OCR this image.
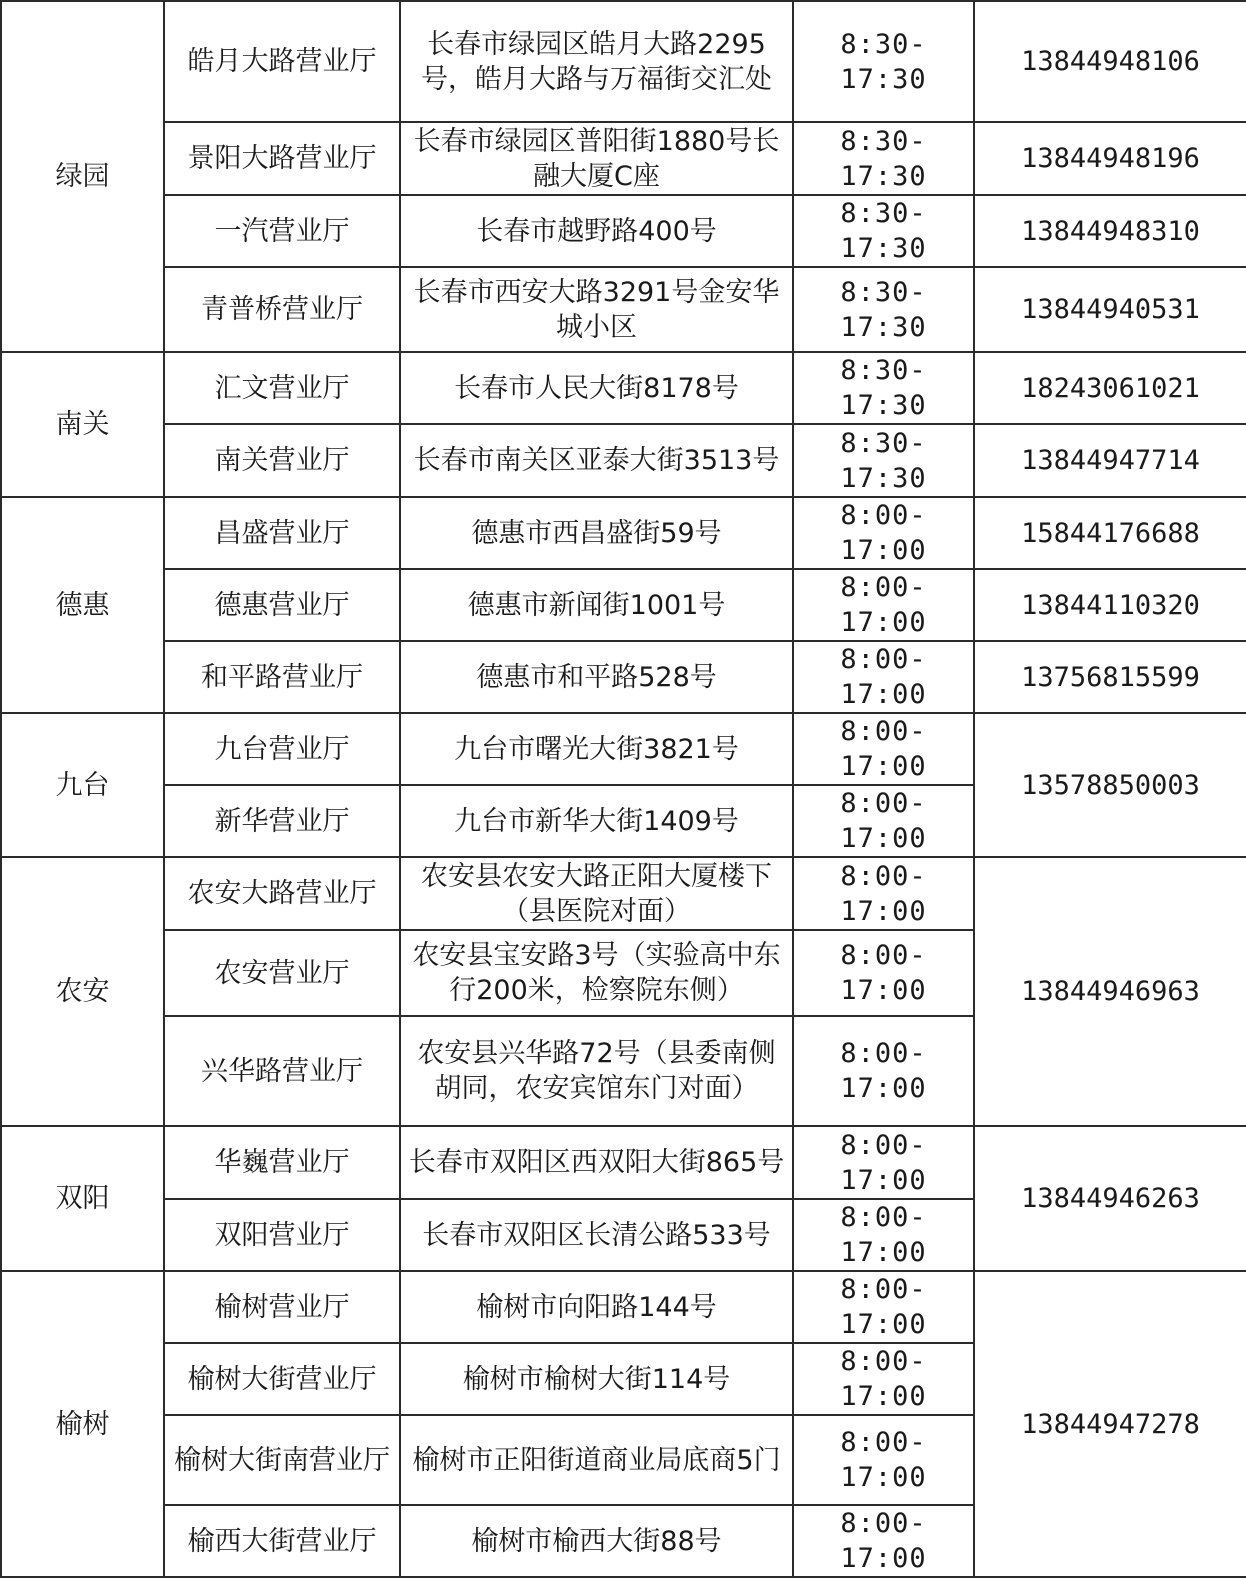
绿园	皓月大路营业厅	长春市绿园区皓月大路2295号，皓月大路与万福街交汇处	8:30-17:30	13844948106
	景阳大路营业厅	长春市绿园区普阳街1880号长融大厦C座	8:30-17:30	13844948196
	一汽营业厅	长春市越野路400号	8:30-17:30	13844948310
	青普桥营业厅	长春市西安大路3291号金安华城小区	8:30-17:30	13844940531
南关	汇文营业厅	长春市人民大街8178号	8:30-17:30	18243061021
	南关营业厅	长春市南关区亚泰大街3513号	8:30-17:30	13844947714
德惠	昌盛营业厅	德惠市西昌盛街59号	8:00-17:00	15844176688
	德惠营业厅	德惠市新闻街1001号	8:00-17:00	13844110320
	和平路营业厅	德惠市和平路528号	8:00-17:00	13756815599
九台	九台营业厅	九台市曙光大街3821号	8:00-17:00	13578850003
	新华营业厅	九台市新华大街1409号	8:00-17:00	
农安	农安大路营业厅	农安县农安大路正阳大厦楼下（县医院对面）	8:00-17:00	13844946963
	农安营业厅	农安县宝安路3号（实验高中东行200米，检察院东侧）	8:00-17:00	
	兴华路营业厅	农安县兴华路72号（县委南侧胡同，农安宾馆东门对面）	8:00-17:00	
双阳	华巍营业厅	长春市双阳区西双阳大街865号	8:00-17:00	13844946263
	双阳营业厅	长春市双阳区长清公路533号	8:00-17:00	
榆树	榆树营业厅	榆树市向阳路144号	8:00-17:00	13844947278
	榆树大街营业厅	榆树市榆树大街114号	8:00-17:00	
	榆树大街南营业厅	榆树市正阳街道商业局底商5门	8:00-17:00	
	榆西大街营业厅	榆树市榆西大街88号	8:00-17:00	
